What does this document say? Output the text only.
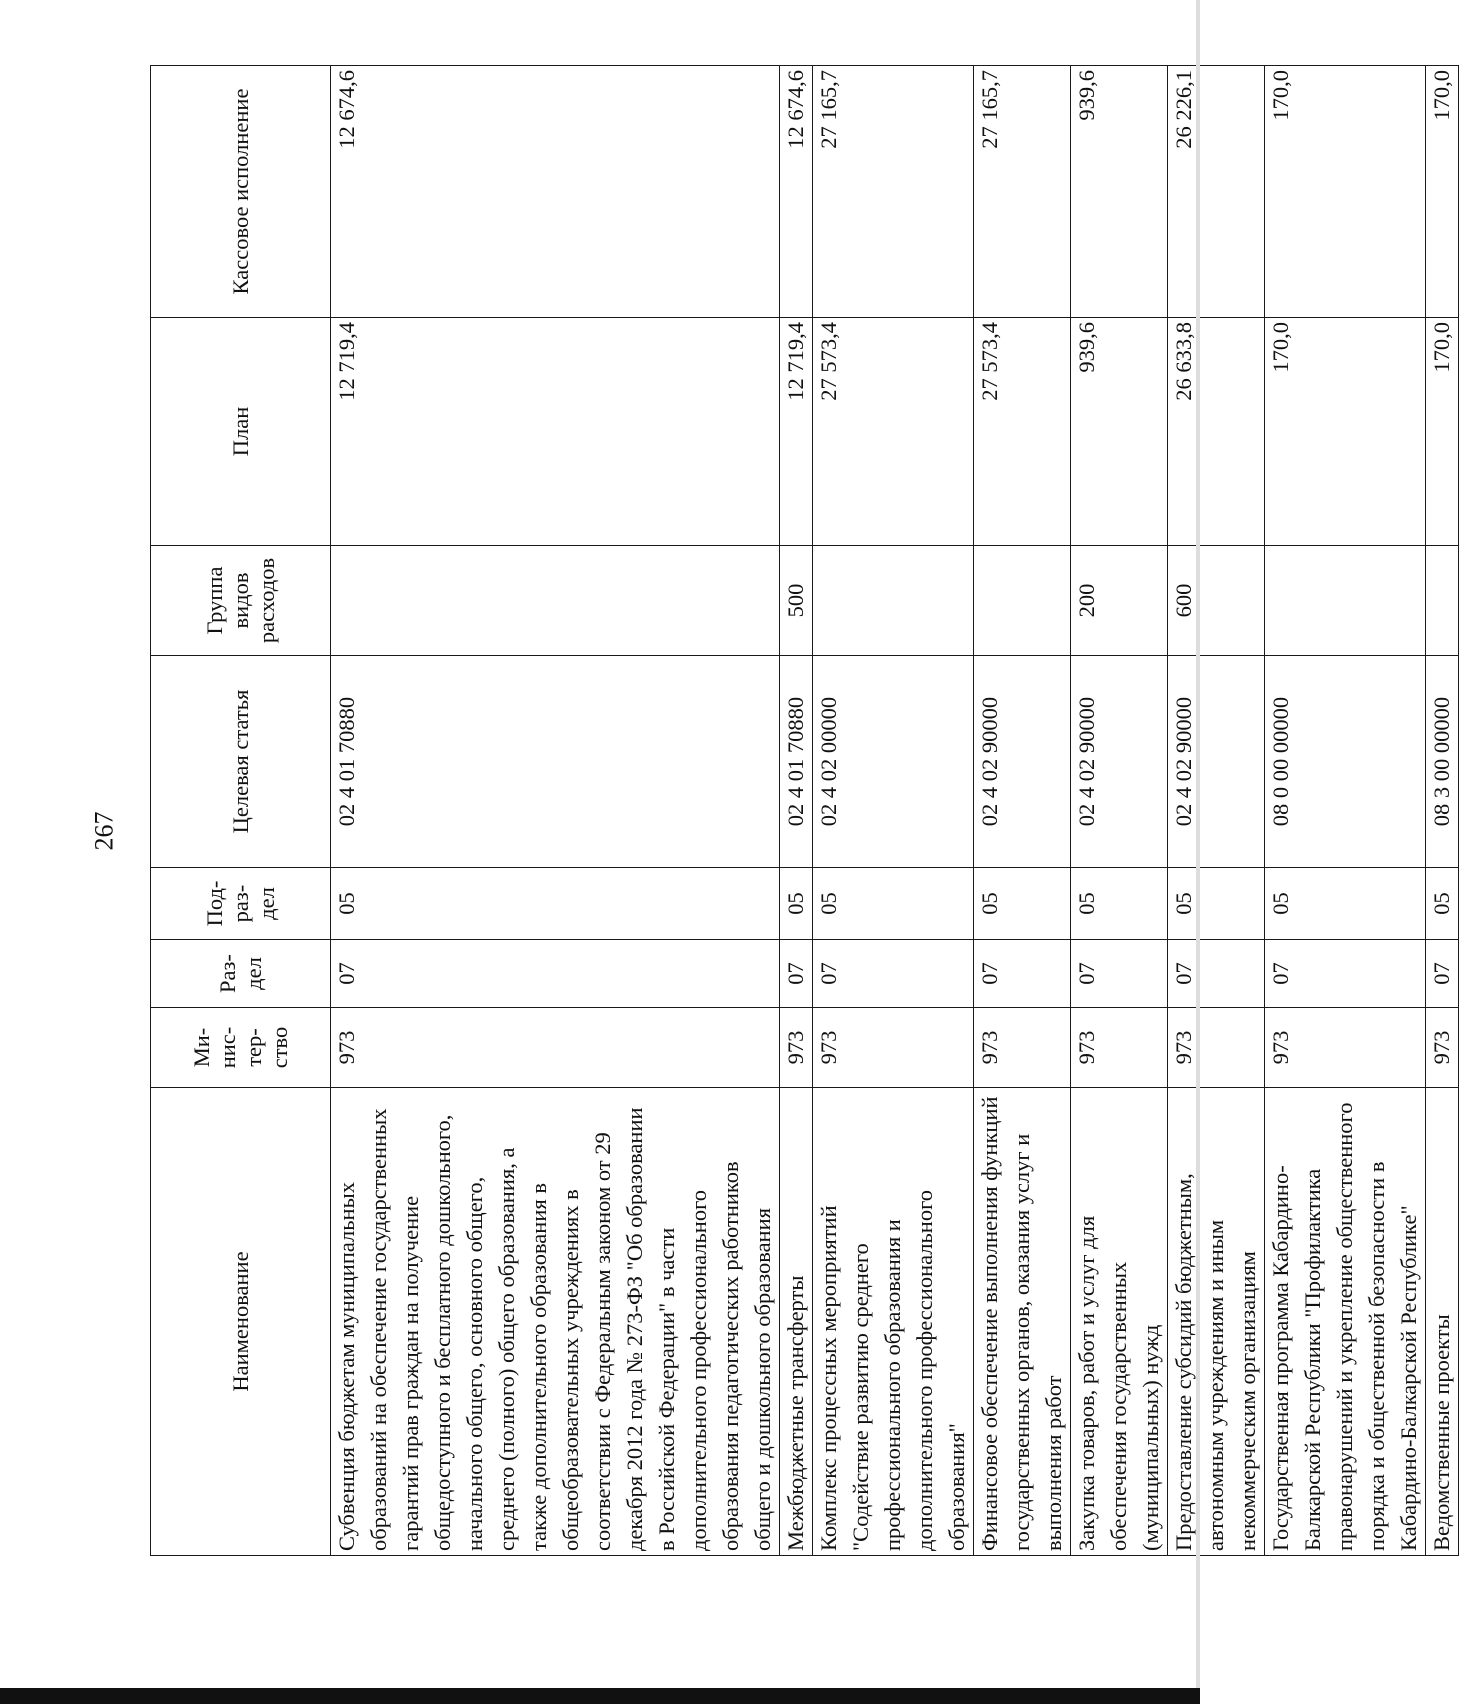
267
Наименование	Ми-нис-тер-ство	Раз-дел	Под-раз-дел	Целевая статья	Группа видов расходов	План	Кассовое исполнение
Субвенция бюджетам муниципальных образований на обеспечение государственных гарантий прав граждан на получение общедоступного и бесплатного дошкольного, начального общего, основного общего, среднего (полного) общего образования, а также дополнительного образования в общеобразовательных учреждениях в соответствии с Федеральным законом от 29 декабря 2012 года № 273-ФЗ "Об образовании в Российской Федерации" в части дополнительного профессионального образования педагогических работников общего и дошкольного образования	973	07	05	02 4 01 70880		12 719,4	12 674,6
Межбюджетные трансферты	973	07	05	02 4 01 70880	500	12 719,4	12 674,6
Комплекс процессных мероприятий "Содействие развитию среднего профессионального образования и дополнительного профессионального образования"	973	07	05	02 4 02 00000		27 573,4	27 165,7
Финансовое обеспечение выполнения функций государственных органов, оказания услуг и выполнения работ	973	07	05	02 4 02 90000		27 573,4	27 165,7
Закупка товаров, работ и услуг для обеспечения государственных (муниципальных) нужд	973	07	05	02 4 02 90000	200	939,6	939,6
Предоставление субсидий бюджетным, автономным учреждениям и иным некоммерческим организациям	973	07	05	02 4 02 90000	600	26 633,8	26 226,1
Государственная программа Кабардино-Балкарской Республики "Профилактика правонарушений и укрепление общественного порядка и общественной безопасности в Кабардино-Балкарской Республике"	973	07	05	08 0 00 00000		170,0	170,0
Ведомственные проекты	973	07	05	08 3 00 00000		170,0	170,0
